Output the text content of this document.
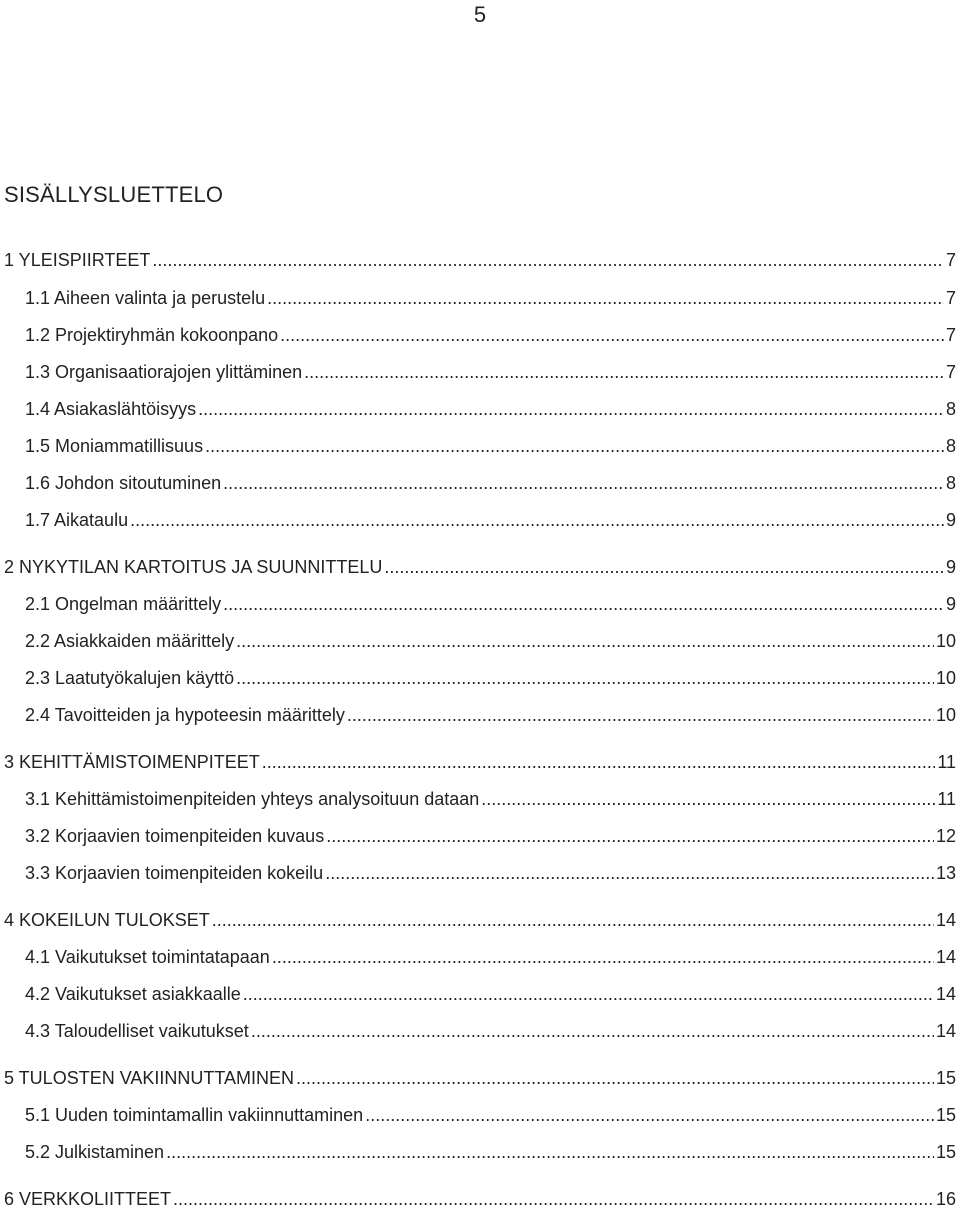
5
SISÄLLYSLUETTELO
1 YLEISPIIRTEET .....	7
1.1 Aiheen valinta ja perustelu .....	7
1.2 Projektiryhmän kokoonpano .....	7
1.3 Organisaatiorajojen ylittäminen .....	7
1.4 Asiakaslähtöisyys .....	8
1.5 Moniammatillisuus .....	8
1.6 Johdon sitoutuminen .....	8
1.7 Aikataulu .....	9
2 NYKYTILAN KARTOITUS JA SUUNNITTELU .....	9
2.1 Ongelman määrittely .....	9
2.2 Asiakkaiden määrittely .....	10
2.3 Laatutyökalujen käyttö .....	10
2.4 Tavoitteiden ja hypoteesin määrittely .....	10
3 KEHITTÄMISTOIMENPITEET .....	11
3.1 Kehittämistoimenpiteiden yhteys analysoituun dataan .....	11
3.2 Korjaavien toimenpiteiden kuvaus .....	12
3.3 Korjaavien toimenpiteiden kokeilu .....	13
4 KOKEILUN TULOKSET .....	14
4.1 Vaikutukset toimintatapaan .....	14
4.2 Vaikutukset asiakkaalle .....	14
4.3 Taloudelliset vaikutukset .....	14
5 TULOSTEN VAKIINNUTTAMINEN .....	15
5.1 Uuden toimintamallin vakiinnuttaminen .....	15
5.2 Julkistaminen .....	15
6 VERKKOLIITTEET .....	16
